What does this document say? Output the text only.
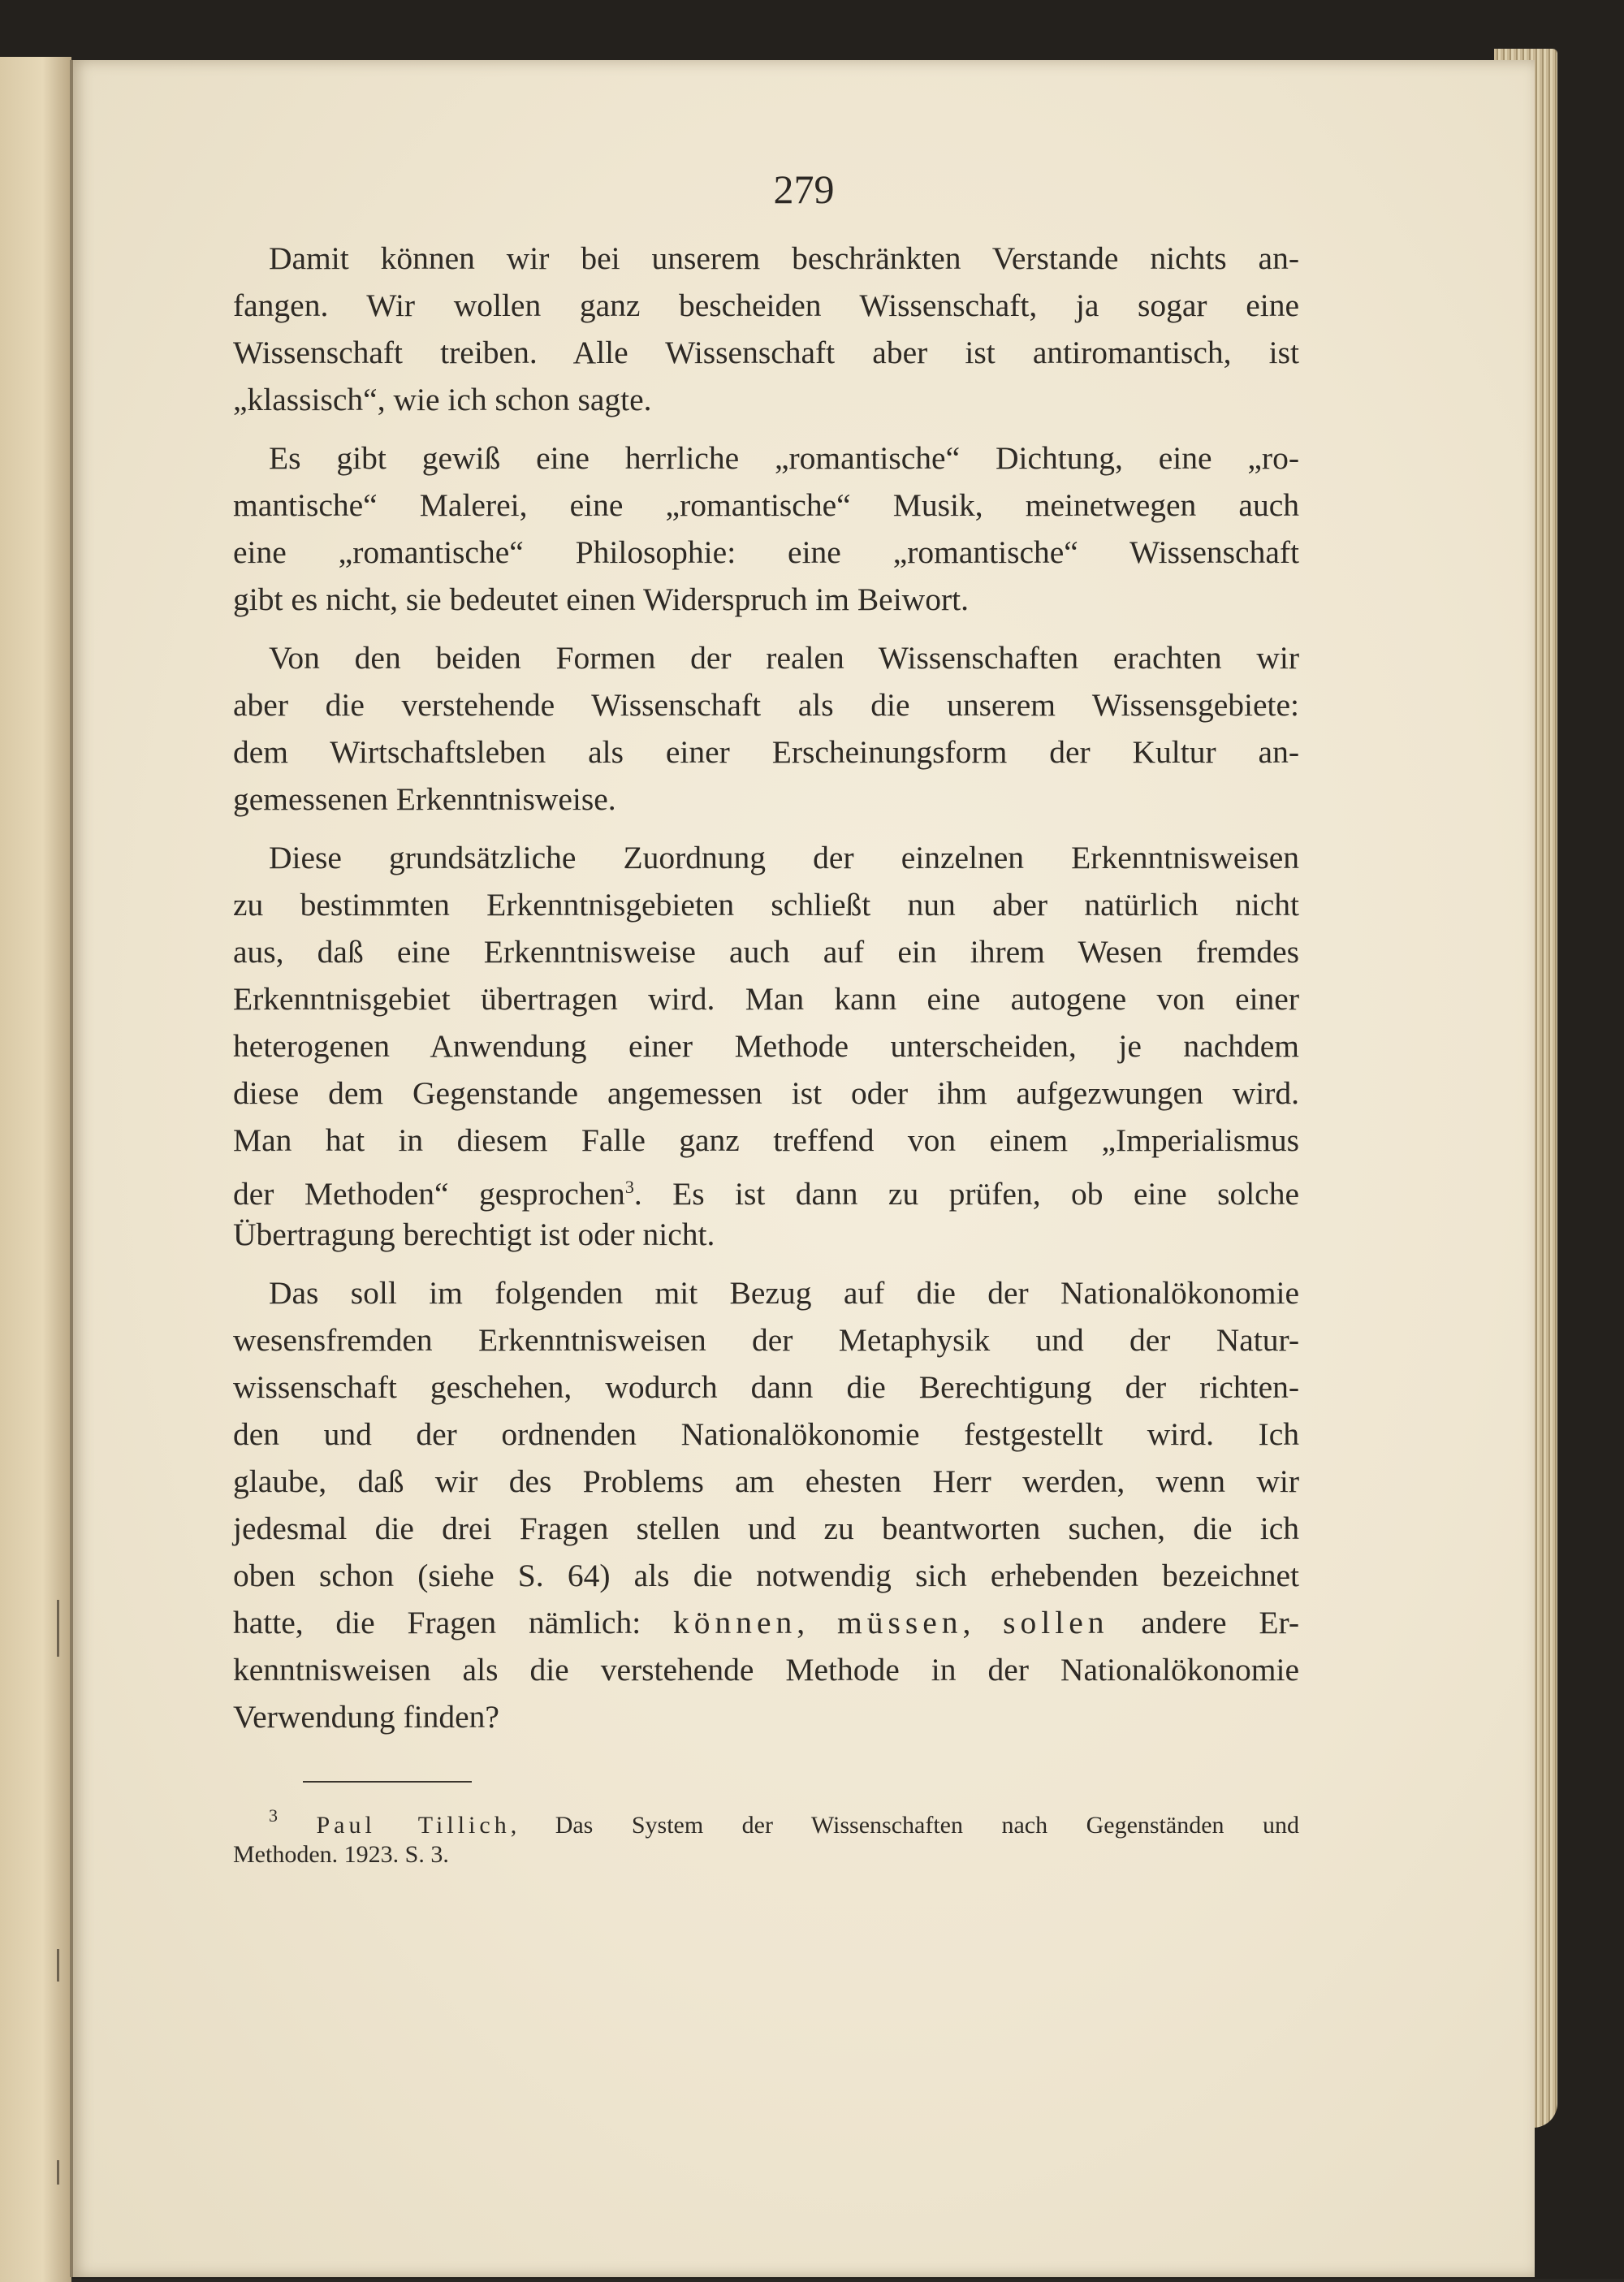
279
Damit können wir bei unserem beschränkten Verstande nichts an-
fangen. Wir wollen ganz bescheiden Wissenschaft, ja sogar eine
Wissenschaft treiben. Alle Wissenschaft aber ist antiromantisch, ist
„klassisch“, wie ich schon sagte.
Es gibt gewiß eine herrliche „romantische“ Dichtung, eine „ro-
mantische“ Malerei, eine „romantische“ Musik, meinetwegen auch
eine „romantische“ Philosophie: eine „romantische“ Wissenschaft
gibt es nicht, sie bedeutet einen Widerspruch im Beiwort.
Von den beiden Formen der realen Wissenschaften erachten wir
aber die verstehende Wissenschaft als die unserem Wissensgebiete:
dem Wirtschaftsleben als einer Erscheinungsform der Kultur an-
gemessenen Erkenntnisweise.
Diese grundsätzliche Zuordnung der einzelnen Erkenntnisweisen
zu bestimmten Erkenntnisgebieten schließt nun aber natürlich nicht
aus, daß eine Erkenntnisweise auch auf ein ihrem Wesen fremdes
Erkenntnisgebiet übertragen wird. Man kann eine autogene von einer
heterogenen Anwendung einer Methode unterscheiden, je nachdem
diese dem Gegenstande angemessen ist oder ihm aufgezwungen wird.
Man hat in diesem Falle ganz treffend von einem „Imperialismus
der Methoden“ gesprochen$^3$. Es ist dann zu prüfen, ob eine solche
Übertragung berechtigt ist oder nicht.
Das soll im folgenden mit Bezug auf die der Nationalökonomie
wesensfremden Erkenntnisweisen der Metaphysik und der Natur-
wissenschaft geschehen, wodurch dann die Berechtigung der richten-
den und der ordnenden Nationalökonomie festgestellt wird. Ich
glaube, daß wir des Problems am ehesten Herr werden, wenn wir
jedesmal die drei Fragen stellen und zu beantworten suchen, die ich
oben schon (siehe S. 64) als die notwendig sich erhebenden bezeichnet
hatte, die Fragen nämlich: können, müssen, sollen andere Er-
kenntnisweisen als die verstehende Methode in der Nationalökonomie
Verwendung finden?
$^3$ Paul Tillich, Das System der Wissenschaften nach Gegenständen und
Methoden. 1923. S. 3.
